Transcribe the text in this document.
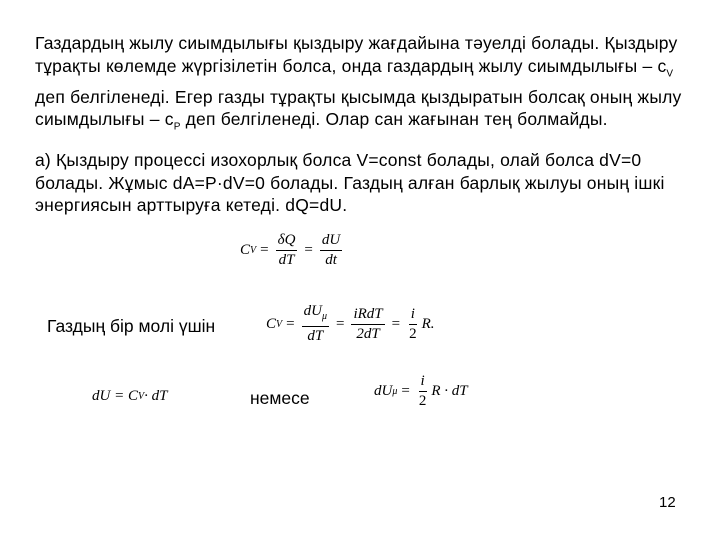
Газдардың жылу сиымдылығы қыздыру жағдайына тәуелді болады. Қыздыру тұрақты көлемде жүргізілетін болса, онда газдардың жылу сиымдылығы – $c_V$ деп белгіленеді. Егер газды тұрақты қысымда қыздыратын болсақ оның жылу сиымдылығы – $c_P$ деп белгіленеді. Олар сан жағынан тең болмайды.
а) Қыздыру процессі изохорлық болса V=const болады, олай болса dV=0 болады. Жұмыс dA=P·dV=0 болады. Газдың алған барлық жылуы оның ішкі энергиясын арттыруға кетеді. dQ=dU.
C $V = \frac{\delta Q}{dT} = \frac{dU}{dt}$
Газдың бір молі үшін	C $V = \frac{dU_\mu}{dT} = \frac{\text{iRdT}}{2dT} = \frac{i}{2} R$.
dU = C V · dT	немесе	dU $\mu = \frac{i}{2}$ R · dT
12
